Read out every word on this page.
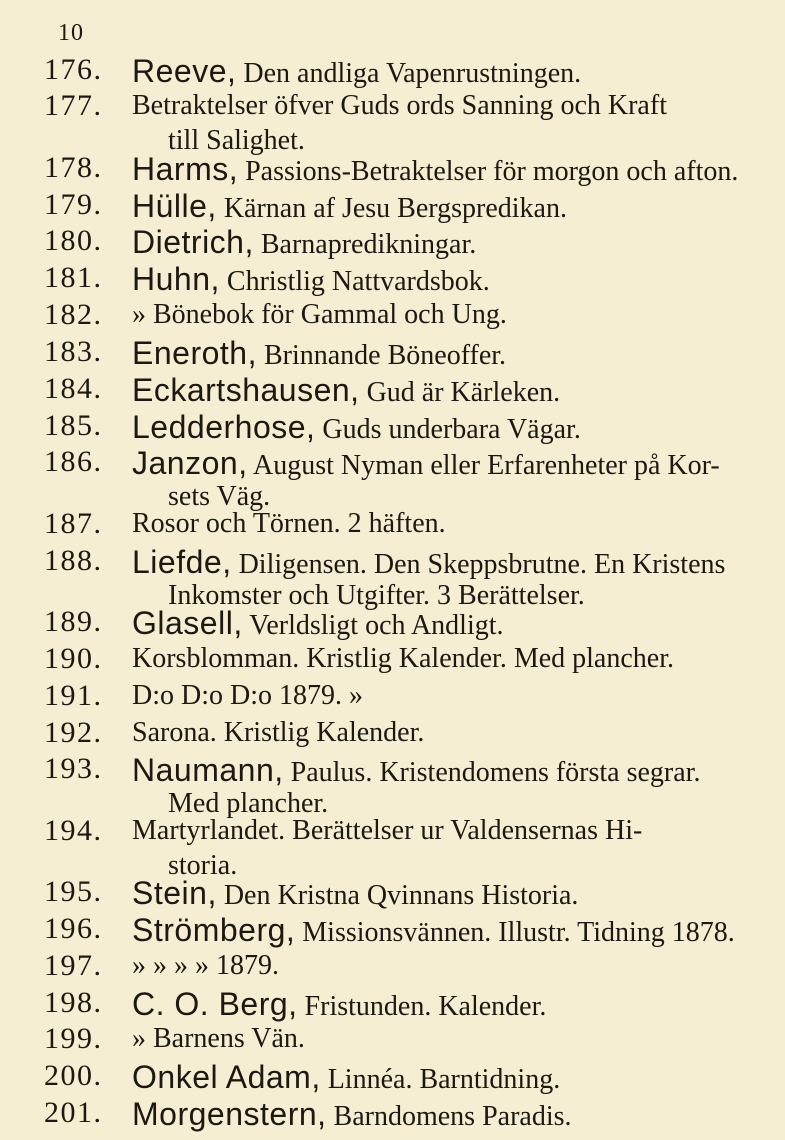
10
176. Reeve, Den andliga Vapenrustningen.
177.	Betraktelser öfver Guds ords Sanning och Kraft
till Salighet.
178. Harms, Passions-Betraktelser för morgon och afton.
179. Hülle, Kärnan af Jesu Bergspredikan.
180. Dietrich, Barnapredikningar.
181. Huhn, Christlig Nattvardsbok.
182.	» Bönebok för Gammal och Ung.
183. Eneroth, Brinnande Böneoffer.
184. Eckartshausen, Gud är Kärleken.
185. Ledderhose, Guds underbara Vägar.
186. Janzon, August Nyman eller Erfarenheter på Kor-
sets Väg.
187.	Rosor och Törnen. 2 häften.
188. Liefde, Diligensen. Den Skeppsbrutne. En Kristens
Inkomster och Utgifter. 3 Berättelser.
189. Glasell, Verldsligt och Andligt.
190.	Korsblomman. Kristlig Kalender. Med plancher.
191.	D:o D:o D:o 1879. »
192.	Sarona. Kristlig Kalender.
193. Naumann, Paulus. Kristendomens första segrar.
Med plancher.
194.	Martyrlandet. Berättelser ur Valdensernas Hi-
storia.
195. Stein, Den Kristna Qvinnans Historia.
196. Strömberg, Missionsvännen. Illustr. Tidning 1878.
197.	» » » » 1879.
198. C. O. Berg, Fristunden. Kalender.
199.	» Barnens Vän.
200. Onkel Adam, Linnéa. Barntidning.
201. Morgenstern, Barndomens Paradis.
